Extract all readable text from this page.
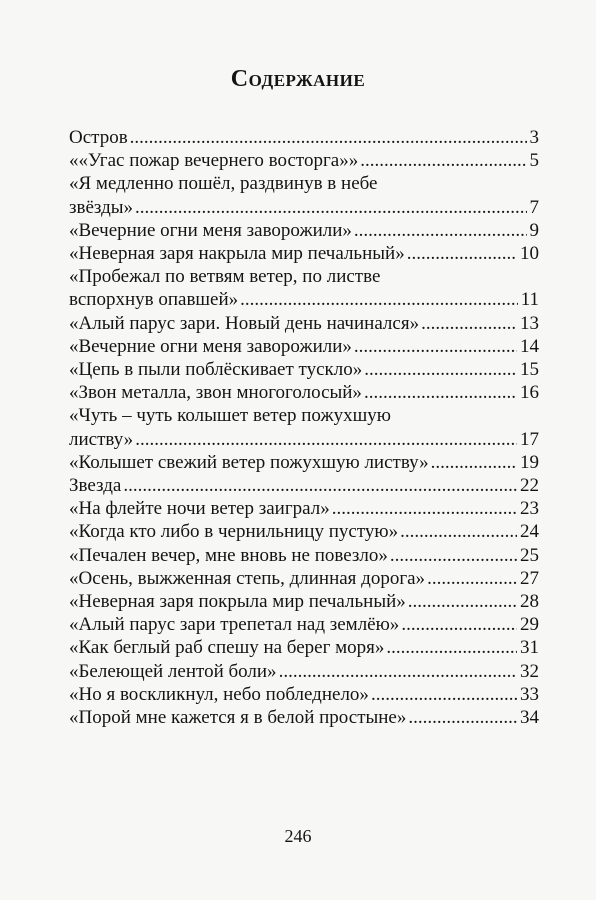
Содержание
Остров .....	3
««Угас пожар вечернего восторга»» .....	5
«Я медленно пошёл, раздвинув в небе
звёзды» .....	7
«Вечерние огни меня заворожили» .....	9
«Неверная заря накрыла мир печальный» .....	10
«Пробежал по ветвям ветер, по листве
вспорхнув опавшей» .....	11
«Алый парус зари. Новый день начинался» .....	13
«Вечерние огни меня заворожили» .....	14
«Цепь в пыли поблёскивает тускло» .....	15
«Звон металла, звон многоголосый» .....	16
«Чуть – чуть колышет ветер пожухшую
листву» .....	17
«Колышет свежий ветер пожухшую листву» .....	19
Звезда .....	22
«На флейте ночи ветер заиграл» .....	23
«Когда кто либо в чернильницу пустую» .....	24
«Печален вечер, мне вновь не повезло» .....	25
«Осень, выжженная степь, длинная дорога» .....	27
«Неверная заря покрыла мир печальный» .....	28
«Алый парус зари трепетал над землёю» .....	29
«Как беглый раб спешу на берег моря» .....	31
«Белеющей лентой боли» .....	32
«Но я воскликнул, небо побледнело» .....	33
«Порой мне кажется я в белой простыне» .....	34
246
